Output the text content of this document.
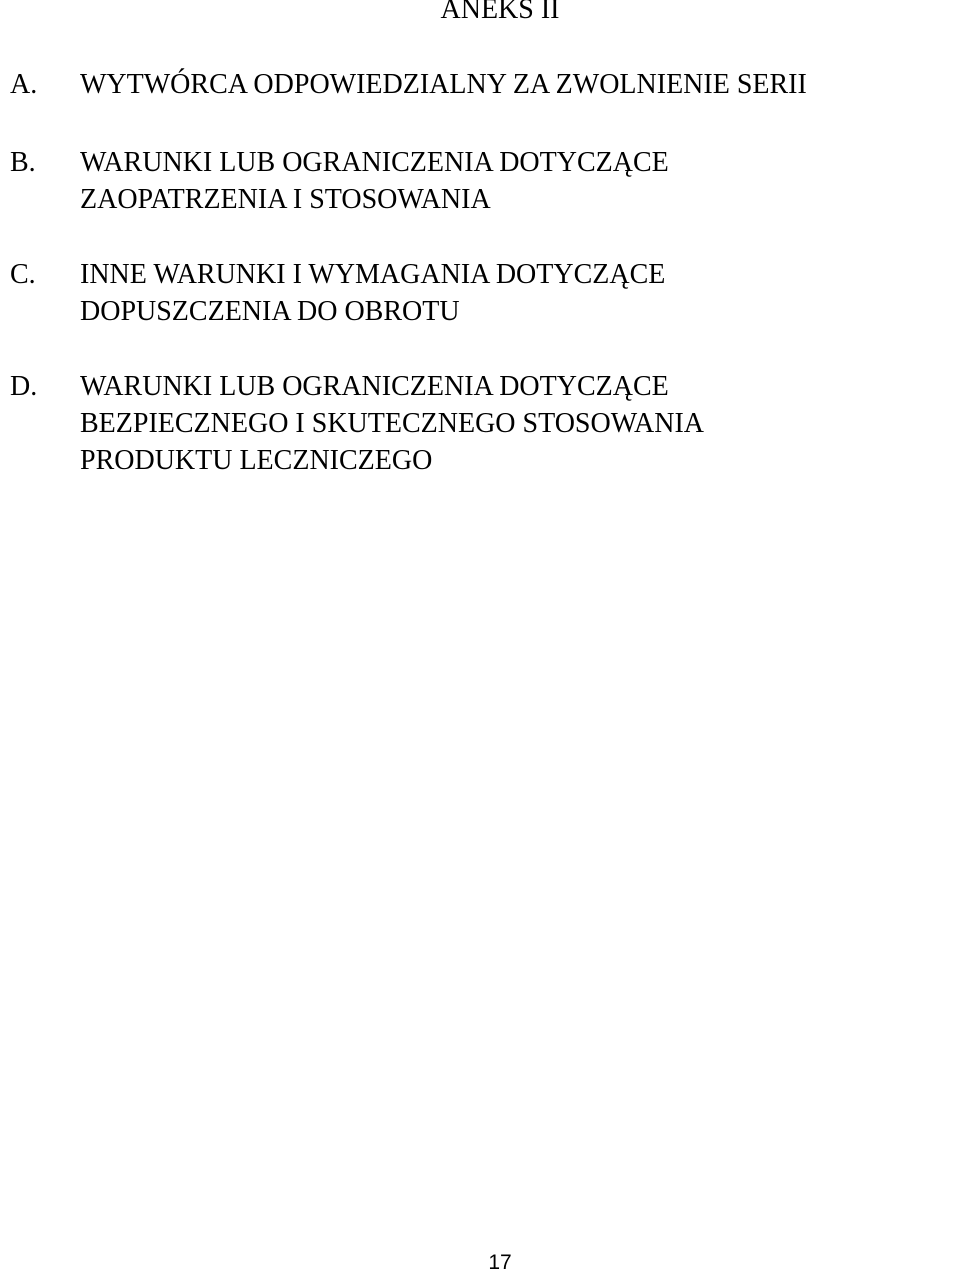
ANEKS II
A. WYTWÓRCA ODPOWIEDZIALNY ZA ZWOLNIENIE SERII
B. WARUNKI LUB OGRANICZENIA DOTYCZĄCE
ZAOPATRZENIA I STOSOWANIA
C. INNE WARUNKI I WYMAGANIA DOTYCZĄCE
DOPUSZCZENIA DO OBROTU
D. WARUNKI LUB OGRANICZENIA DOTYCZĄCE
BEZPIECZNEGO I SKUTECZNEGO STOSOWANIA
PRODUKTU LECZNICZEGO
17
